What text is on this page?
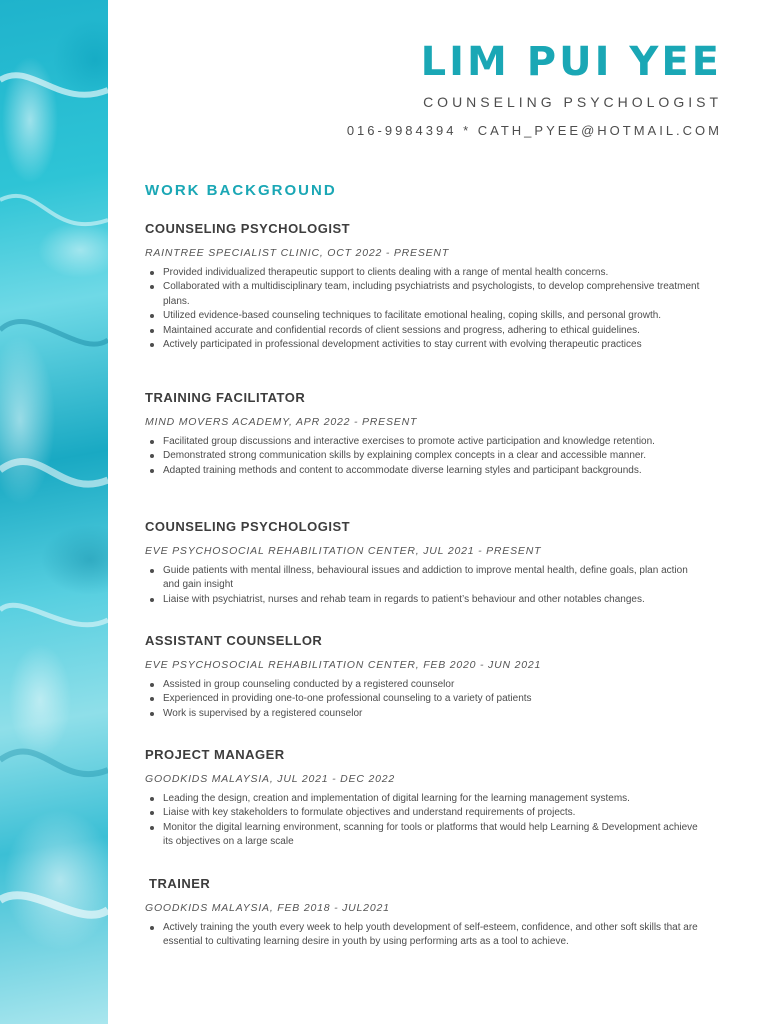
LIM PUI YEE
COUNSELING PSYCHOLOGIST
016-9984394 * CATH_PYEE@HOTMAIL.COM
WORK BACKGROUND
COUNSELING PSYCHOLOGIST
RAINTREE SPECIALIST CLINIC, OCT 2022 - PRESENT
Provided individualized therapeutic support to clients dealing with a range of mental health concerns.
Collaborated with a multidisciplinary team, including psychiatrists and psychologists, to develop comprehensive treatment plans.
Utilized evidence-based counseling techniques to facilitate emotional healing, coping skills, and personal growth.
Maintained accurate and confidential records of client sessions and progress, adhering to ethical guidelines.
Actively participated in professional development activities to stay current with evolving therapeutic practices
TRAINING FACILITATOR
MIND MOVERS ACADEMY, APR 2022 - PRESENT
Facilitated group discussions and interactive exercises to promote active participation and knowledge retention.
Demonstrated strong communication skills by explaining complex concepts in a clear and accessible manner.
Adapted training methods and content to accommodate diverse learning styles and participant backgrounds.
COUNSELING PSYCHOLOGIST
EVE PSYCHOSOCIAL REHABILITATION CENTER, JUL 2021 - PRESENT
Guide patients with mental illness, behavioural issues and addiction to improve mental health, define goals, plan action and gain insight
Liaise with psychiatrist, nurses and rehab team in regards to patient’s behaviour and other notables changes.
ASSISTANT COUNSELLOR
EVE PSYCHOSOCIAL REHABILITATION CENTER, FEB 2020 - JUN 2021
Assisted in group counseling conducted by a registered counselor
Experienced in providing one-to-one professional counseling to a variety of patients
Work is supervised by a registered counselor
PROJECT MANAGER
GOODKIDS MALAYSIA, JUL 2021 - DEC 2022
Leading the design, creation and implementation of digital learning for the learning management systems.
Liaise with key stakeholders to formulate objectives and understand requirements of projects.
Monitor the digital learning environment, scanning for tools or platforms that would help Learning & Development achieve its objectives on a large scale
TRAINER
GOODKIDS MALAYSIA, FEB 2018 - JUL2021
Actively training the youth every week to help youth development of self-esteem, confidence, and other soft skills that are essential to cultivating learning desire in youth by using performing arts as a tool to achieve.
